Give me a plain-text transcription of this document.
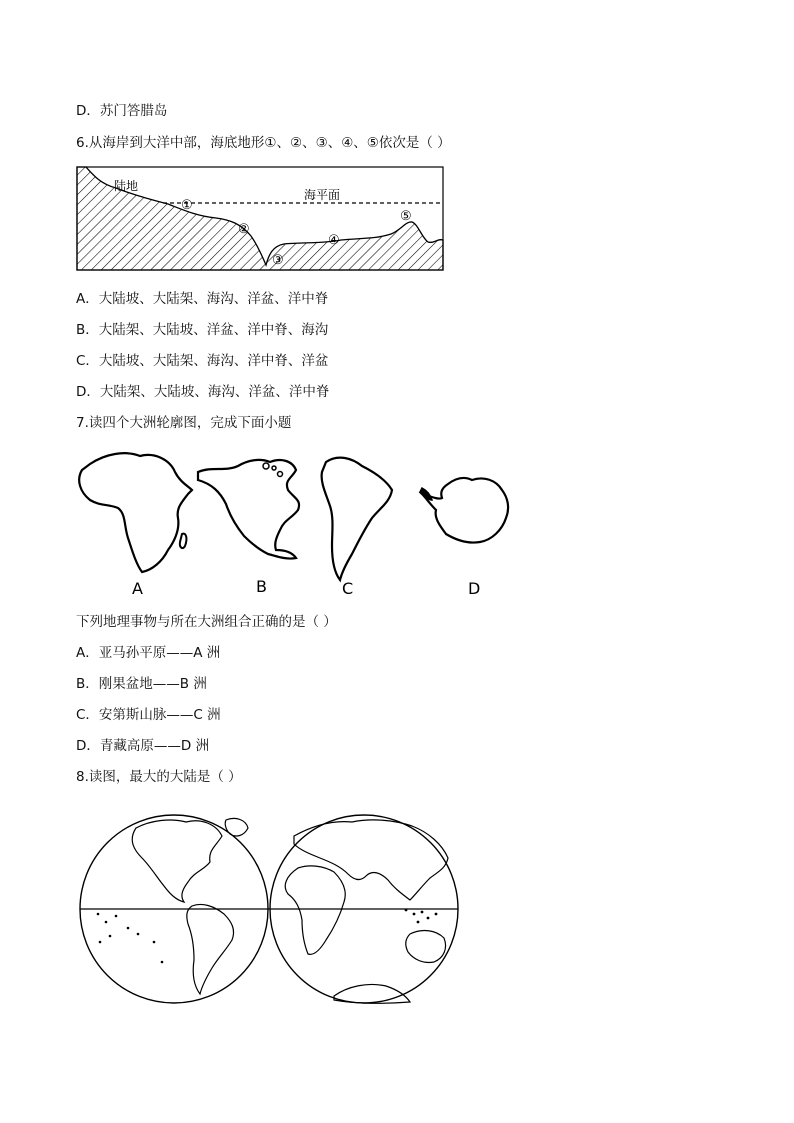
D．苏门答腊岛
6.从海岸到大洋中部，海底地形①、②、③、④、⑤依次是（ ）
陆地
海平面
①
②
③
④
⑤
A．大陆坡、大陆架、海沟、洋盆、洋中脊
B．大陆架、大陆坡、洋盆、洋中脊、海沟
C．大陆坡、大陆架、海沟、洋中脊、洋盆
D．大陆架、大陆坡、海沟、洋盆、洋中脊
7.读四个大洲轮廓图，完成下面小题
A	B	C	D
下列地理事物与所在大洲组合正确的是（ ）
A．亚马孙平原——A 洲
B．刚果盆地——B 洲
C．安第斯山脉——C 洲
D．青藏高原——D 洲
8.读图，最大的大陆是（ ）
